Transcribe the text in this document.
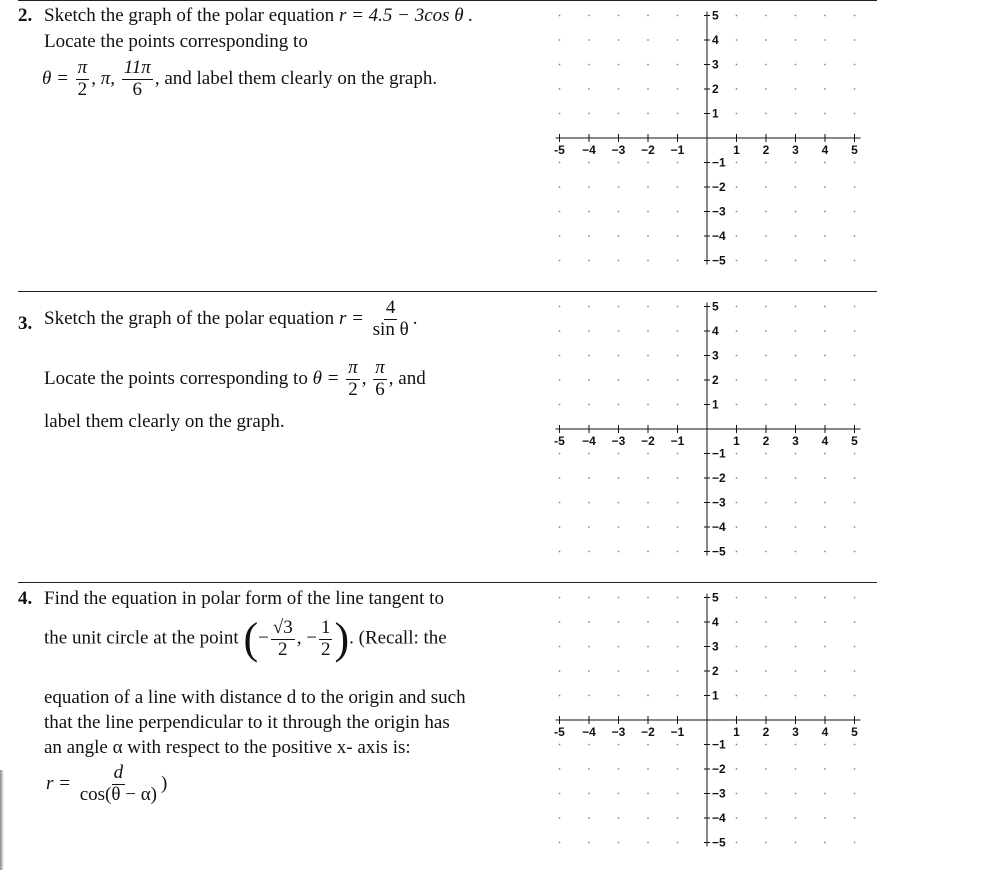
2. Sketch the graph of the polar equation r = 4.5 − 3cos θ .
Locate the points corresponding to
$\theta = \frac{\pi}{2}$ , π, $\frac{11\pi}{6}$ , and label them clearly on the graph.
3. Sketch the graph of the polar equation $r = \frac{4}{\text{sin θ}}$ .
Locate the points corresponding to $\theta = \frac{\pi}{2}$ , $\frac{\pi}{6}$ , and
label them clearly on the graph.
4. Find the equation in polar form of the line tangent to
the unit circle at the point (− $\frac{√3}{2}$ , − $\frac{1}{2}$ ). (Recall: the
equation of a line with distance d to the origin and such
that the line perpendicular to it through the origin has
an angle α with respect to the positive x- axis is:
$r = \frac{d}{\cos(\theta - \alpha)}$ )
-5 −4 −3 −2 −1	1 2 3 4 5
5
4
3
2
1
−1
−2
−3
−4
−5
-5 −4 −3 −2 −1	1 2 3 4 5
5
4
3
2
1
−1
−2
−3
−4
−5
-5 −4 −3 −2 −1	1 2 3 4 5
5
4
3
2
1
−1
−2
−3
−4
−5
